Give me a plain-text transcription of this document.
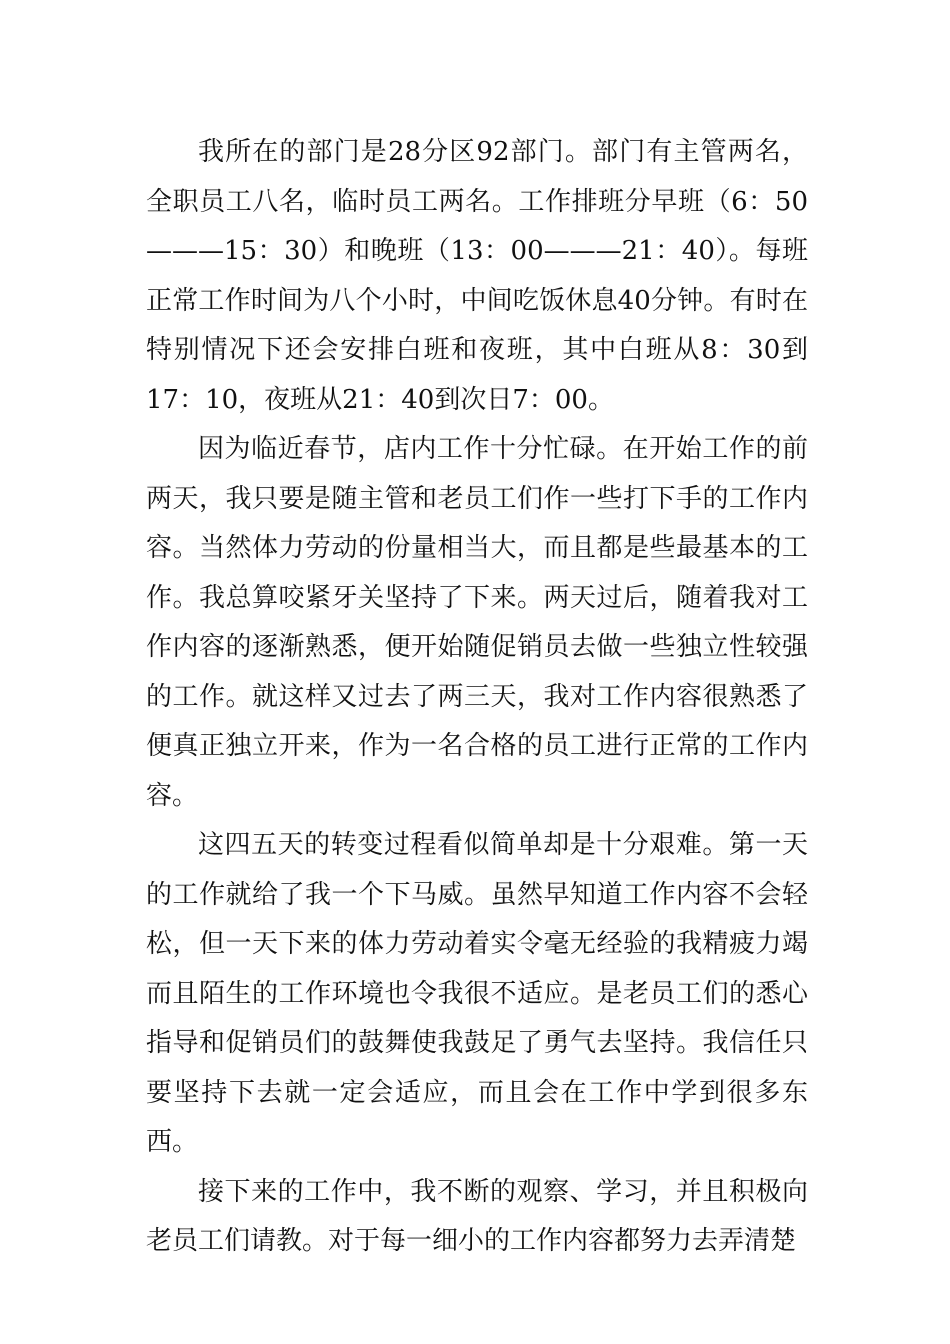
我所在的部门是28分区92部门。部门有主管两名，全职员工八名，临时员工两名。工作排班分早班（6：50———15：30）和晚班（13：00———21：40）。每班正常工作时间为八个小时，中间吃饭休息40分钟。有时在特别情况下还会安排白班和夜班，其中白班从8：30到17：10，夜班从21：40到次日7：00。

因为临近春节，店内工作十分忙碌。在开始工作的前两天，我只要是随主管和老员工们作一些打下手的工作内容。当然体力劳动的份量相当大，而且都是些最基本的工作。我总算咬紧牙关坚持了下来。两天过后，随着我对工作内容的逐渐熟悉，便开始随促销员去做一些独立性较强的工作。就这样又过去了两三天，我对工作内容很熟悉了便真正独立开来，作为一名合格的员工进行正常的工作内容。

这四五天的转变过程看似简单却是十分艰难。第一天的工作就给了我一个下马威。虽然早知道工作内容不会轻松，但一天下来的体力劳动着实令毫无经验的我精疲力竭而且陌生的工作环境也令我很不适应。是老员工们的悉心指导和促销员们的鼓舞使我鼓足了勇气去坚持。我信任只要坚持下去就一定会适应，而且会在工作中学到很多东西。

接下来的工作中，我不断的观察、学习，并且积极向老员工们请教。对于每一细小的工作内容都努力去弄清楚
